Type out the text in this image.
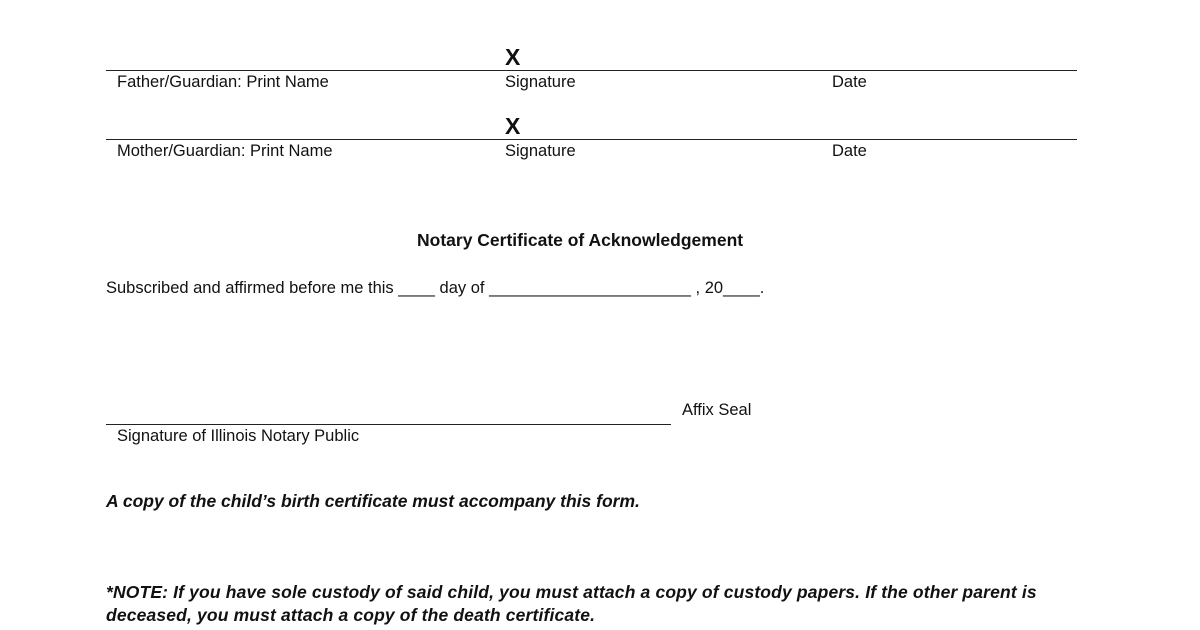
X
Father/Guardian: Print Name	Signature	Date
X
Mother/Guardian: Print Name	Signature	Date
Notary Certificate of Acknowledgement
Subscribed and affirmed before me this ____ day of ______________________ , 20____.
Affix Seal
Signature of Illinois Notary Public
A copy of the child’s birth certificate must accompany this form.
*NOTE: If you have sole custody of said child, you must attach a copy of custody papers. If the other parent is deceased, you must attach a copy of the death certificate.
